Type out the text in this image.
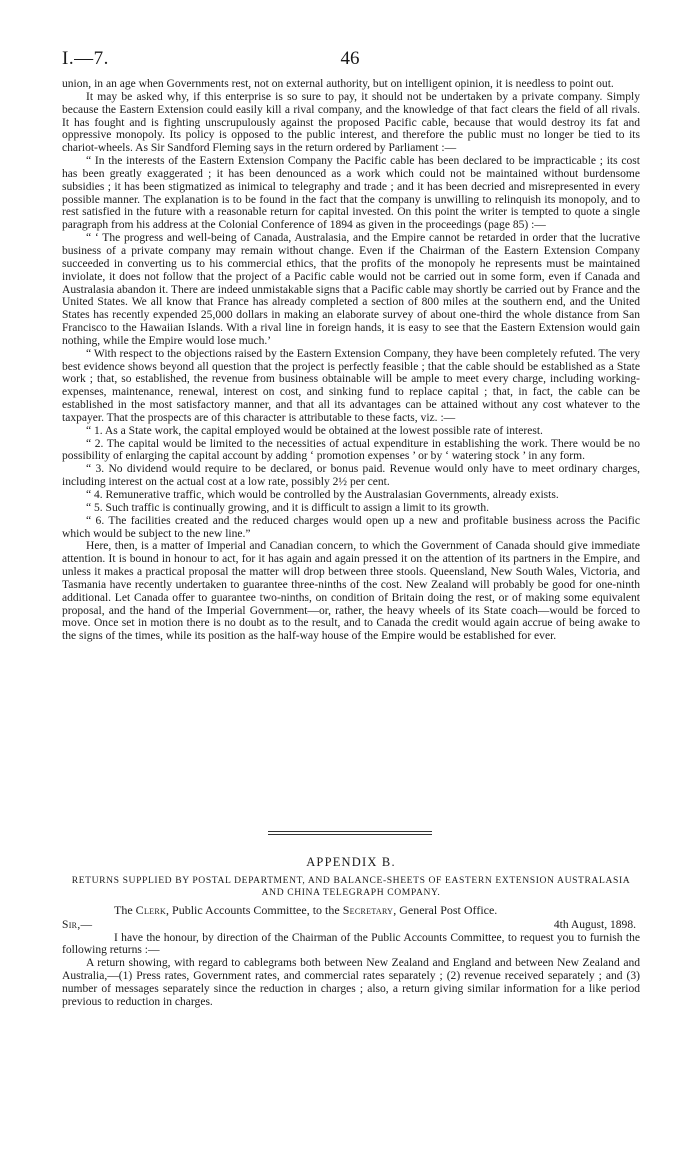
I.—7.	46

union, in an age when Governments rest, not on external authority, but on intelligent opinion, it is needless to point out.

It may be asked why, if this enterprise is so sure to pay, it should not be undertaken by a private company. Simply because the Eastern Extension could easily kill a rival company, and the knowledge of that fact clears the field of all rivals. It has fought and is fighting unscrupulously against the proposed Pacific cable, because that would destroy its fat and oppressive monopoly. Its policy is opposed to the public interest, and therefore the public must no longer be tied to its chariot-wheels. As Sir Sandford Fleming says in the return ordered by Parliament :—

“ In the interests of the Eastern Extension Company the Pacific cable has been declared to be impracticable ; its cost has been greatly exaggerated ; it has been denounced as a work which could not be maintained without burdensome subsidies ; it has been stigmatized as inimical to telegraphy and trade ; and it has been decried and misrepresented in every possible manner. The explanation is to be found in the fact that the company is unwilling to relinquish its monopoly, and to rest satisfied in the future with a reasonable return for capital invested. On this point the writer is tempted to quote a single paragraph from his address at the Colonial Conference of 1894 as given in the proceedings (page 85) :—

“ ‘ The progress and well-being of Canada, Australasia, and the Empire cannot be retarded in order that the lucrative business of a private company may remain without change. Even if the Chairman of the Eastern Extension Company succeeded in converting us to his commercial ethics, that the profits of the monopoly he represents must be maintained inviolate, it does not follow that the project of a Pacific cable would not be carried out in some form, even if Canada and Australasia abandon it. There are indeed unmistakable signs that a Pacific cable may shortly be carried out by France and the United States. We all know that France has already completed a section of 800 miles at the southern end, and the United States has recently expended 25,000 dollars in making an elaborate survey of about one-third the whole distance from San Francisco to the Hawaiian Islands. With a rival line in foreign hands, it is easy to see that the Eastern Extension would gain nothing, while the Empire would lose much.’

“ With respect to the objections raised by the Eastern Extension Company, they have been completely refuted. The very best evidence shows beyond all question that the project is perfectly feasible ; that the cable should be established as a State work ; that, so established, the revenue from business obtainable will be ample to meet every charge, including working-expenses, maintenance, renewal, interest on cost, and sinking fund to replace capital ; that, in fact, the cable can be established in the most satisfactory manner, and that all its advantages can be attained without any cost whatever to the taxpayer. That the prospects are of this character is attributable to these facts, viz. :—

“ 1. As a State work, the capital employed would be obtained at the lowest possible rate of interest.

“ 2. The capital would be limited to the necessities of actual expenditure in establishing the work. There would be no possibility of enlarging the capital account by adding ‘ promotion expenses ’ or by ‘ watering stock ’ in any form.

“ 3. No dividend would require to be declared, or bonus paid. Revenue would only have to meet ordinary charges, including interest on the actual cost at a low rate, possibly 2½ per cent.

“ 4. Remunerative traffic, which would be controlled by the Australasian Governments, already exists.

“ 5. Such traffic is continually growing, and it is difficult to assign a limit to its growth.

“ 6. The facilities created and the reduced charges would open up a new and profitable business across the Pacific which would be subject to the new line.”

Here, then, is a matter of Imperial and Canadian concern, to which the Government of Canada should give immediate attention. It is bound in honour to act, for it has again and again pressed it on the attention of its partners in the Empire, and unless it makes a practical proposal the matter will drop between three stools. Queensland, New South Wales, Victoria, and Tasmania have recently undertaken to guarantee three-ninths of the cost. New Zealand will probably be good for one-ninth additional. Let Canada offer to guarantee two-ninths, on condition of Britain doing the rest, or of making some equivalent proposal, and the hand of the Imperial Government—or, rather, the heavy wheels of its State coach—would be forced to move. Once set in motion there is no doubt as to the result, and to Canada the credit would again accrue of being awake to the signs of the times, while its position as the half-way house of the Empire would be established for ever.

APPENDIX B.

RETURNS SUPPLIED BY POSTAL DEPARTMENT, AND BALANCE-SHEETS OF EASTERN EXTENSION AUSTRALASIA AND CHINA TELEGRAPH COMPANY.

The Clerk, Public Accounts Committee, to the Secretary, General Post Office.

Sir,—	4th August, 1898.

I have the honour, by direction of the Chairman of the Public Accounts Committee, to request you to furnish the following returns :—

A return showing, with regard to cablegrams both between New Zealand and England and between New Zealand and Australia,—(1) Press rates, Government rates, and commercial rates separately ; (2) revenue received separately ; and (3) number of messages separately since the reduction in charges ; also, a return giving similar information for a like period previous to reduction in charges.
